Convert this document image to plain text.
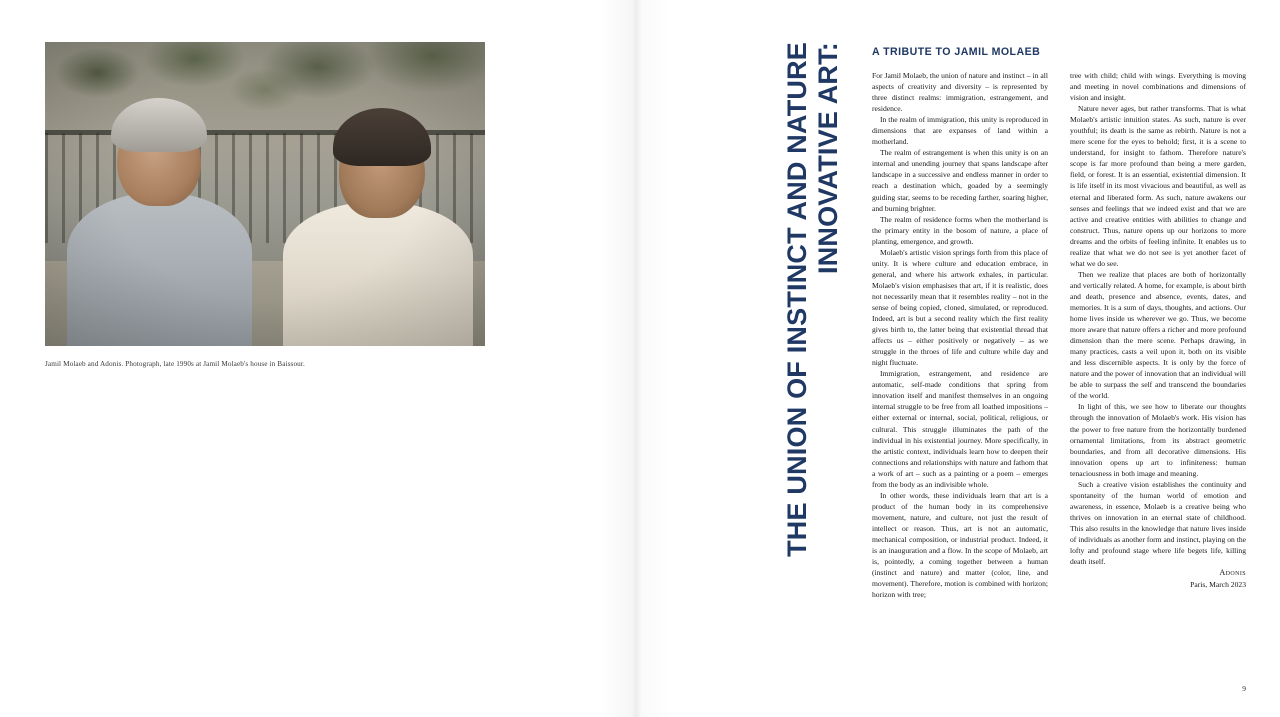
Jamil Molaeb and Adonis. Photograph, late 1990s at Jamil Molaeb's house in Baissour.
INNOVATIVE ART:
THE UNION OF INSTINCT AND NATURE	A TRIBUTE TO JAMIL MOLAEB

For Jamil Molaeb, the union of nature and instinct – in all aspects of creativity and diversity – is represented by three distinct realms: immigration, estrangement, and residence.

In the realm of immigration, this unity is reproduced in dimensions that are expanses of land within a motherland.

The realm of estrangement is when this unity is on an internal and unending journey that spans landscape after landscape in a successive and endless manner in order to reach a destination which, goaded by a seemingly guiding star, seems to be receding farther, soaring higher, and burning brighter.

The realm of residence forms when the motherland is the primary entity in the bosom of nature, a place of planting, emergence, and growth.

Molaeb's artistic vision springs forth from this place of unity. It is where culture and education embrace, in general, and where his artwork exhales, in particular. Molaeb's vision emphasises that art, if it is realistic, does not necessarily mean that it resembles reality – not in the sense of being copied, cloned, simulated, or reproduced. Indeed, art is but a second reality which the first reality gives birth to, the latter being that existential thread that affects us – either positively or negatively – as we struggle in the throes of life and culture while day and night fluctuate.

Immigration, estrangement, and residence are automatic, self-made conditions that spring from innovation itself and manifest themselves in an ongoing internal struggle to be free from all loathed impositions – either external or internal, social, political, religious, or cultural. This struggle illuminates the path of the individual in his existential journey. More specifically, in the artistic context, individuals learn how to deepen their connections and relationships with nature and fathom that a work of art – such as a painting or a poem – emerges from the body as an indivisible whole.

In other words, these individuals learn that art is a product of the human body in its comprehensive movement, nature, and culture, not just the result of intellect or reason. Thus, art is not an automatic, mechanical composition, or industrial product. Indeed, it is an inauguration and a flow. In the scope of Molaeb, art is, pointedly, a coming together between a human (instinct and nature) and matter (color, line, and movement). Therefore, motion is combined with horizon; horizon with tree;

tree with child; child with wings. Everything is moving and meeting in novel combinations and dimensions of vision and insight.

Nature never ages, but rather transforms. That is what Molaeb's artistic intuition states. As such, nature is ever youthful; its death is the same as rebirth. Nature is not a mere scene for the eyes to behold; first, it is a scene to understand, for insight to fathom. Therefore nature's scope is far more profound than being a mere garden, field, or forest. It is an essential, existential dimension. It is life itself in its most vivacious and beautiful, as well as eternal and liberated form. As such, nature awakens our senses and feelings that we indeed exist and that we are active and creative entities with abilities to change and construct. Thus, nature opens up our horizons to more dreams and the orbits of feeling infinite. It enables us to realize that what we do not see is yet another facet of what we do see.

Then we realize that places are both of horizontally and vertically related. A home, for example, is about birth and death, presence and absence, events, dates, and memories. It is a sum of days, thoughts, and actions. Our home lives inside us wherever we go. Thus, we become more aware that nature offers a richer and more profound dimension than the mere scene. Perhaps drawing, in many practices, casts a veil upon it, both on its visible and less discernible aspects. It is only by the force of nature and the power of innovation that an individual will be able to surpass the self and transcend the boundaries of the world.

In light of this, we see how to liberate our thoughts through the innovation of Molaeb's work. His vision has the power to free nature from the horizontally burdened ornamental limitations, from its abstract geometric boundaries, and from all decorative dimensions. His innovation opens up art to infiniteness: human tenaciousness in both image and meaning.

Such a creative vision establishes the continuity and spontaneity of the human world of emotion and awareness, in essence, Molaeb is a creative being who thrives on innovation in an eternal state of childhood. This also results in the knowledge that nature lives inside of individuals as another form and instinct, playing on the lofty and profound stage where life begets life, killing death itself.

Adonis

Paris, March 2023

9
